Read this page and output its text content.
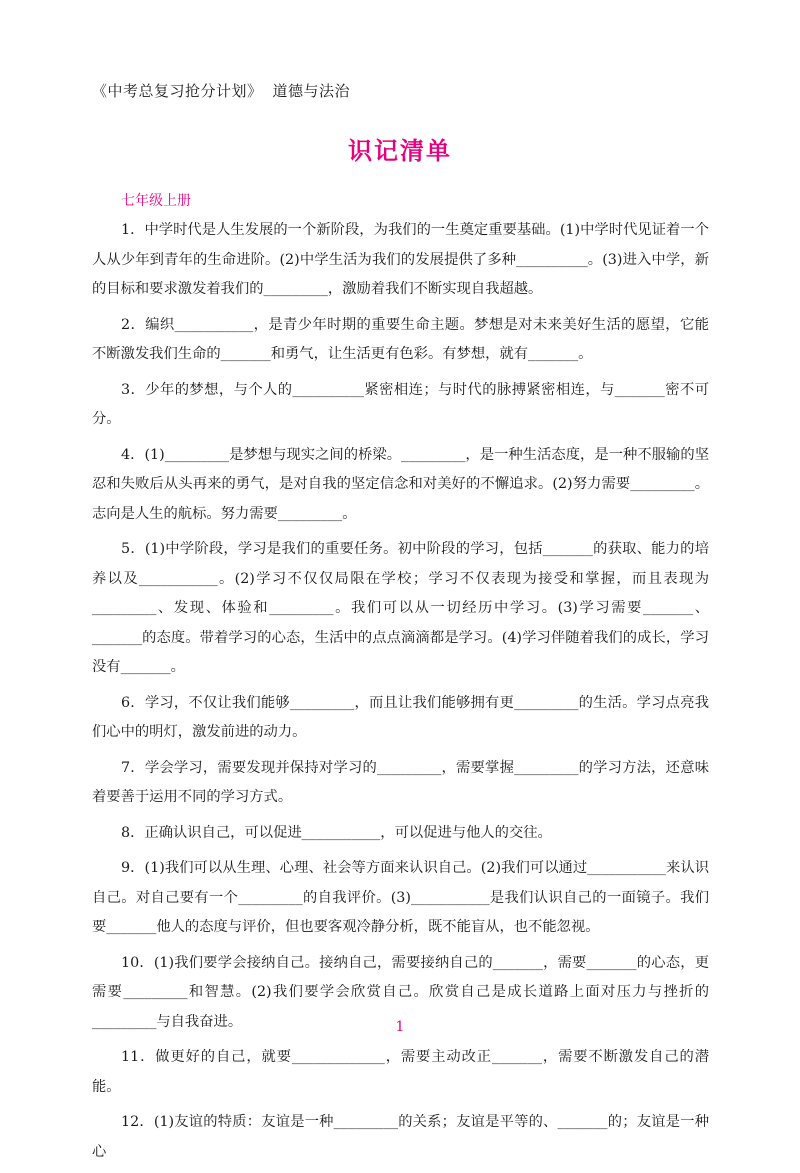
《中考总复习抢分计划》 道德与法治
识记清单
七年级上册

1．中学时代是人生发展的一个新阶段，为我们的一生奠定重要基础。(1)中学时代见证着一个人从少年到青年的生命进阶。(2)中学生活为我们的发展提供了多种__________。(3)进入中学，新的目标和要求激发着我们的_________，激励着我们不断实现自我超越。

2．编织___________，是青少年时期的重要生命主题。梦想是对未来美好生活的愿望，它能不断激发我们生命的_______和勇气，让生活更有色彩。有梦想，就有_______。

3．少年的梦想，与个人的__________紧密相连；与时代的脉搏紧密相连，与_______密不可分。

4．(1)_________是梦想与现实之间的桥梁。_________，是一种生活态度，是一种不服输的坚忍和失败后从头再来的勇气，是对自我的坚定信念和对美好的不懈追求。(2)努力需要_________。志向是人生的航标。努力需要_________。

5．(1)中学阶段，学习是我们的重要任务。初中阶段的学习，包括_______的获取、能力的培养以及___________。(2)学习不仅仅局限在学校；学习不仅表现为接受和掌握，而且表现为_________、发现、体验和_________。我们可以从一切经历中学习。(3)学习需要_______、_______的态度。带着学习的心态，生活中的点点滴滴都是学习。(4)学习伴随着我们的成长，学习没有_______。

6．学习，不仅让我们能够_________，而且让我们能够拥有更_________的生活。学习点亮我们心中的明灯，激发前进的动力。

7．学会学习，需要发现并保持对学习的_________，需要掌握_________的学习方法，还意味着要善于运用不同的学习方式。

8．正确认识自己，可以促进___________，可以促进与他人的交往。

9．(1)我们可以从生理、心理、社会等方面来认识自己。(2)我们可以通过___________来认识自己。对自己要有一个_________的自我评价。(3)___________是我们认识自己的一面镜子。我们要_______他人的态度与评价，但也要客观冷静分析，既不能盲从，也不能忽视。

10．(1)我们要学会接纳自己。接纳自己，需要接纳自己的_______，需要_______的心态，更需要_________和智慧。(2)我们要学会欣赏自己。欣赏自己是成长道路上面对压力与挫折的_________与自我奋进。

11．做更好的自己，就要_____________，需要主动改正_______，需要不断激发自己的潜能。

12．(1)友谊的特质：友谊是一种_________的关系；友谊是平等的、_______的；友谊是一种心

1
